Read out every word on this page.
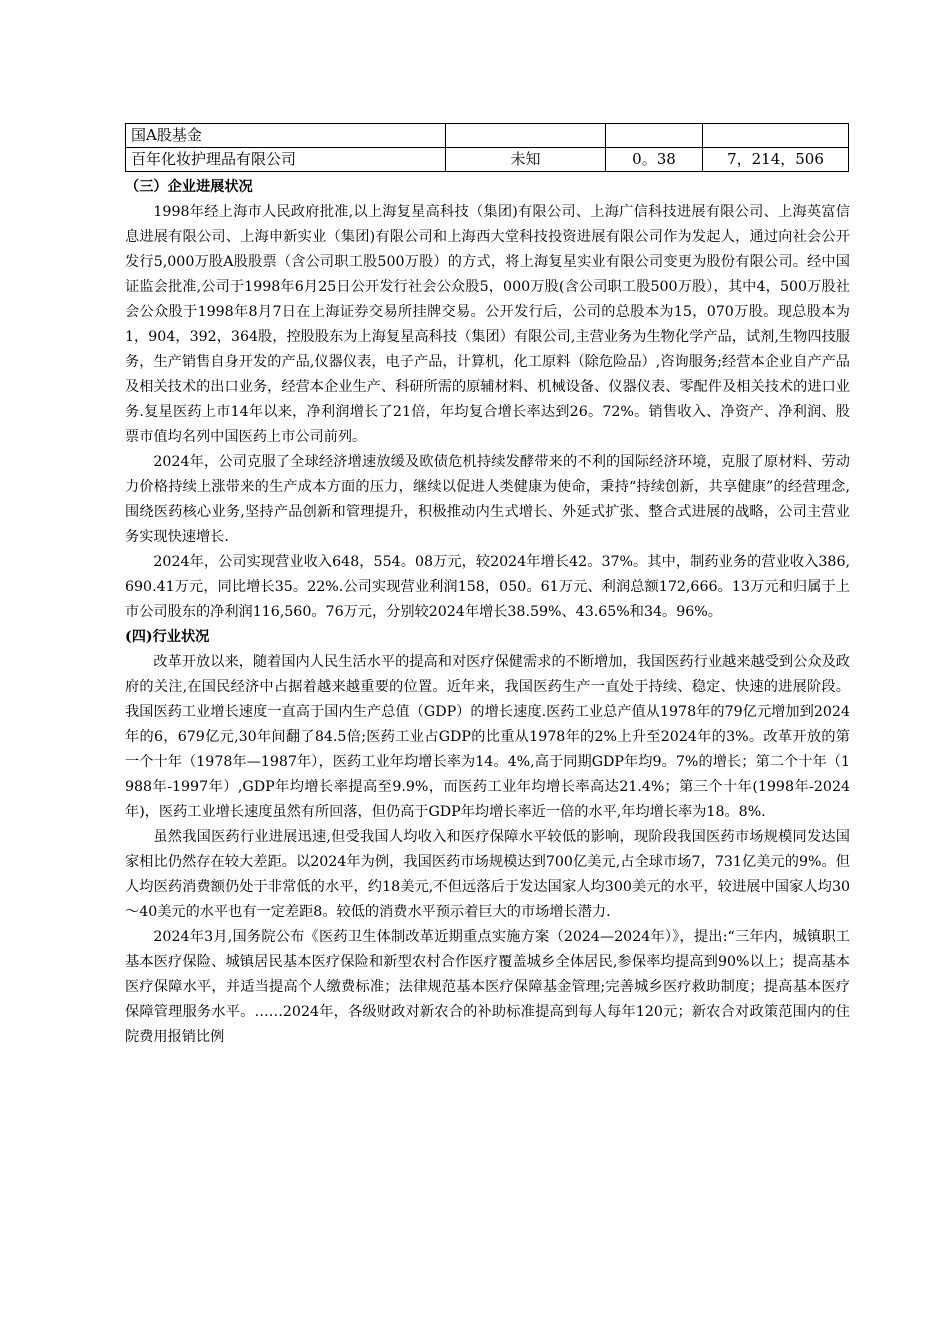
国A股基金			
百年化妆护理品有限公司	未知	0。38	7，214，506
（三）企业进展状况

1998年经上海市人民政府批准,以上海复星高科技（集团)有限公司、上海广信科技进展有限公司、上海英富信息进展有限公司、上海申新实业（集团)有限公司和上海西大堂科技投资进展有限公司作为发起人，通过向社会公开发行5,000万股A股股票（含公司职工股500万股）的方式，将上海复星实业有限公司变更为股份有限公司。经中国证监会批准,公司于1998年6月25日公开发行社会公众股5，000万股(含公司职工股500万股），其中4，500万股社会公众股于1998年8月7日在上海证券交易所挂牌交易。公开发行后，公司的总股本为15，070万股。现总股本为1，904，392，364股，控股股东为上海复星高科技（集团）有限公司,主营业务为生物化学产品，试剂,生物四技服务，生产销售自身开发的产品,仪器仪表，电子产品，计算机，化工原料（除危险品）,咨询服务;经营本企业自产产品及相关技术的出口业务，经营本企业生产、科研所需的原辅材料、机械设备、仪器仪表、零配件及相关技术的进口业务.复星医药上市14年以来，净利润增长了21倍，年均复合增长率达到26。72%。销售收入、净资产、净利润、股票市值均名列中国医药上市公司前列。

2024年，公司克服了全球经济增速放缓及欧债危机持续发酵带来的不利的国际经济环境，克服了原材料、劳动力价格持续上涨带来的生产成本方面的压力，继续以促进人类健康为使命，秉持“持续创新，共享健康”的经营理念,围绕医药核心业务,坚持产品创新和管理提升，积极推动内生式增长、外延式扩张、整合式进展的战略，公司主营业务实现快速增长.

2024年，公司实现营业收入648，554。08万元，较2024年增长42。37%。其中，制药业务的营业收入386,690.41万元，同比增长35。22%.公司实现营业利润158，050。61万元、利润总额172,666。13万元和归属于上市公司股东的净利润116,560。76万元，分别较2024年增长38.59%、43.65%和34。96%。

(四)行业状况

改革开放以来，随着国内人民生活水平的提高和对医疗保健需求的不断增加，我国医药行业越来越受到公众及政府的关注,在国民经济中占据着越来越重要的位置。近年来，我国医药生产一直处于持续、稳定、快速的进展阶段。我国医药工业增长速度一直高于国内生产总值（GDP）的增长速度.医药工业总产值从1978年的79亿元增加到2024年的6，679亿元,30年间翻了84.5倍;医药工业占GDP的比重从1978年的2%上升至2024年的3%。改革开放的第一个十年（1978年—1987年），医药工业年均增长率为14。4%,高于同期GDP年均9。7%的增长；第二个十年（1988年-1997年）,GDP年均增长率提高至9.9%，而医药工业年均增长率高达21.4%；第三个十年(1998年-2024年)，医药工业增长速度虽然有所回落，但仍高于GDP年均增长率近一倍的水平,年均增长率为18。8%.

虽然我国医药行业进展迅速,但受我国人均收入和医疗保障水平较低的影响，现阶段我国医药市场规模同发达国家相比仍然存在较大差距。以2024年为例，我国医药市场规模达到700亿美元,占全球市场7，731亿美元的9%。但人均医药消费额仍处于非常低的水平，约18美元,不但远落后于发达国家人均300美元的水平，较进展中国家人均30～40美元的水平也有一定差距8。较低的消费水平预示着巨大的市场增长潜力.

2024年3月,国务院公布《医药卫生体制改革近期重点实施方案（2024—2024年）》，提出:“三年内，城镇职工基本医疗保险、城镇居民基本医疗保险和新型农村合作医疗覆盖城乡全体居民,参保率均提高到90%以上；提高基本医疗保障水平，并适当提高个人缴费标准；法律规范基本医疗保障基金管理;完善城乡医疗救助制度；提高基本医疗保障管理服务水平。……2024年，各级财政对新农合的补助标准提高到每人每年120元；新农合对政策范围内的住院费用报销比例
